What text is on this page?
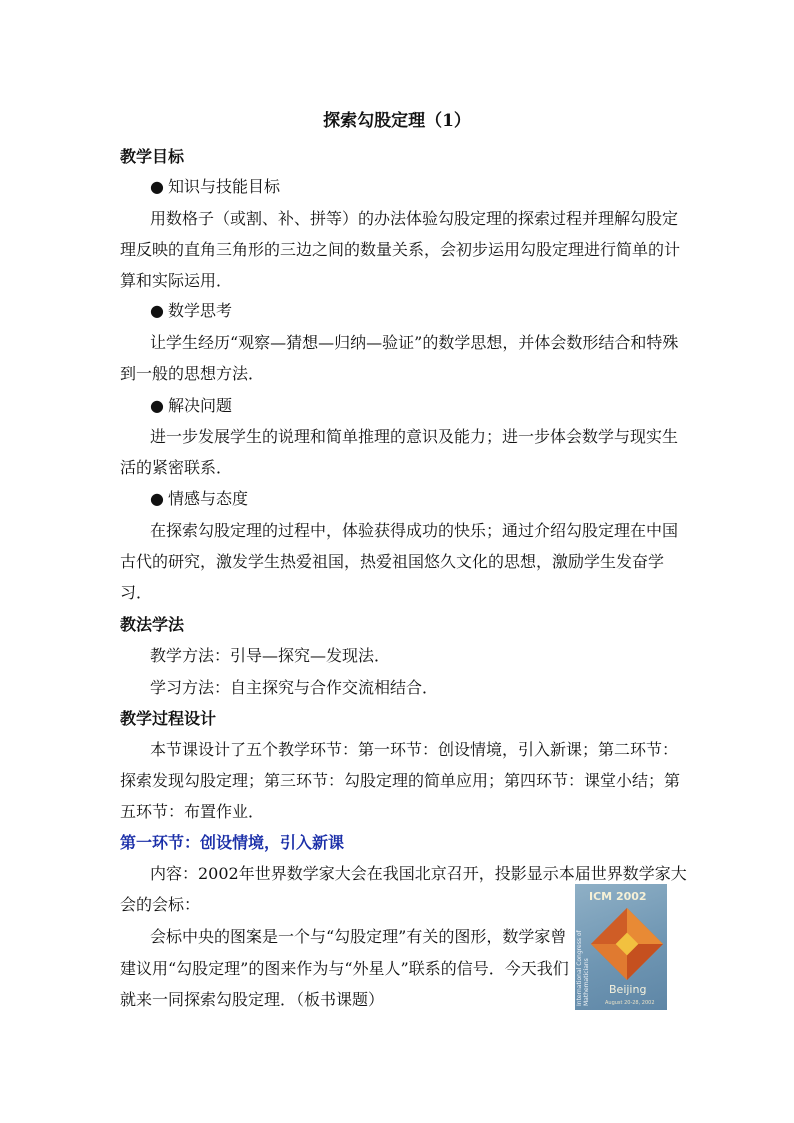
探索勾股定理（1）
教学目标
● 知识与技能目标
用数格子（或割、补、拼等）的办法体验勾股定理的探索过程并理解勾股定
理反映的直角三角形的三边之间的数量关系，会初步运用勾股定理进行简单的计
算和实际运用．
● 数学思考
让学生经历“观察—猜想—归纳—验证”的数学思想，并体会数形结合和特殊
到一般的思想方法．
● 解决问题
进一步发展学生的说理和简单推理的意识及能力；进一步体会数学与现实生
活的紧密联系．
● 情感与态度
在探索勾股定理的过程中，体验获得成功的快乐；通过介绍勾股定理在中国
古代的研究，激发学生热爱祖国，热爱祖国悠久文化的思想，激励学生发奋学
习．
教法学法
教学方法：引导—探究—发现法．
学习方法：自主探究与合作交流相结合．
教学过程设计
本节课设计了五个教学环节：第一环节：创设情境，引入新课；第二环节：
探索发现勾股定理；第三环节：勾股定理的简单应用；第四环节：课堂小结；第
五环节：布置作业．
第一环节：创设情境，引入新课
内容：2002年世界数学家大会在我国北京召开，投影显示本届世界数学家大
会的会标：
会标中央的图案是一个与“勾股定理”有关的图形，数学家曾
建议用“勾股定理”的图来作为与“外星人”联系的信号．今天我们
就来一同探索勾股定理．（板书课题）
ICM 2002
International Congress of Mathematicians Beijing
August 20-28, 2002
